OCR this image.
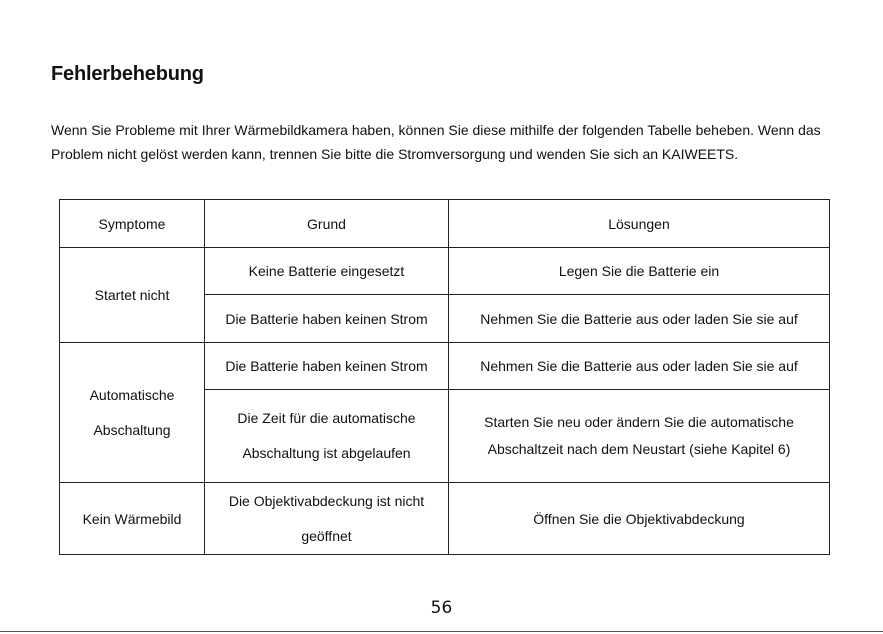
Fehlerbehebung

Wenn Sie Probleme mit Ihrer Wärmebildkamera haben, können Sie diese mithilfe der folgenden Tabelle beheben. Wenn das Problem nicht gelöst werden kann, trennen Sie bitte die Stromversorgung und wenden Sie sich an KAIWEETS.

Symptome	Grund	Lösungen
Startet nicht	Keine Batterie eingesetzt	Legen Sie die Batterie ein
	Die Batterie haben keinen Strom	Nehmen Sie die Batterie aus oder laden Sie sie auf
Automatische Abschaltung	Die Batterie haben keinen Strom	Nehmen Sie die Batterie aus oder laden Sie sie auf
	Die Zeit für die automatische Abschaltung ist abgelaufen	Starten Sie neu oder ändern Sie die automatische Abschaltzeit nach dem Neustart (siehe Kapitel 6)
Kein Wärmebild	Die Objektivabdeckung ist nicht geöffnet	Öffnen Sie die Objektivabdeckung
56
